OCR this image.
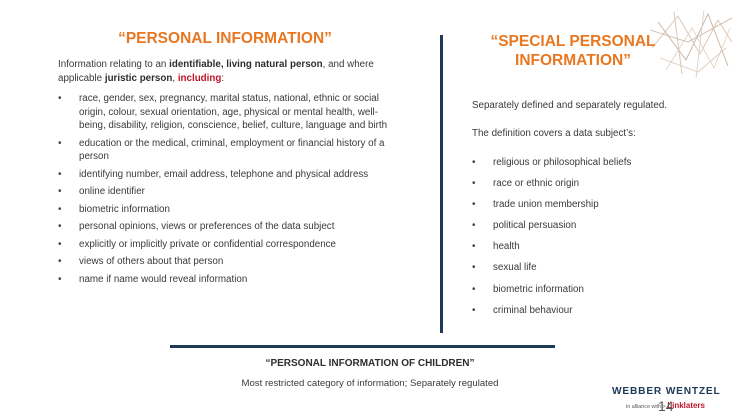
“PERSONAL INFORMATION”
Information relating to an identifiable, living natural person, and where applicable juristic person, including:
• race, gender, sex, pregnancy, marital status, national, ethnic or social origin, colour, sexual orientation, age, physical or mental health, well-being, disability, religion, conscience, belief, culture, language and birth
• education or the medical, criminal, employment or financial history of a person
• identifying number, email address, telephone and physical address
• online identifier
• biometric information
• personal opinions, views or preferences of the data subject
• explicitly or implicitly private or confidential correspondence
• views of others about that person
• name if name would reveal information
“SPECIAL PERSONAL INFORMATION”

Separately defined and separately regulated.

The definition covers a data subject’s:

• religious or philosophical beliefs
• race or ethnic origin
• trade union membership
• political persuasion
• health
• sexual life
• biometric information
• criminal behaviour
“PERSONAL INFORMATION OF CHILDREN”
Most restricted category of information; Separately regulated
WEBBER WENTZEL
in alliance with > Linklaters
14
